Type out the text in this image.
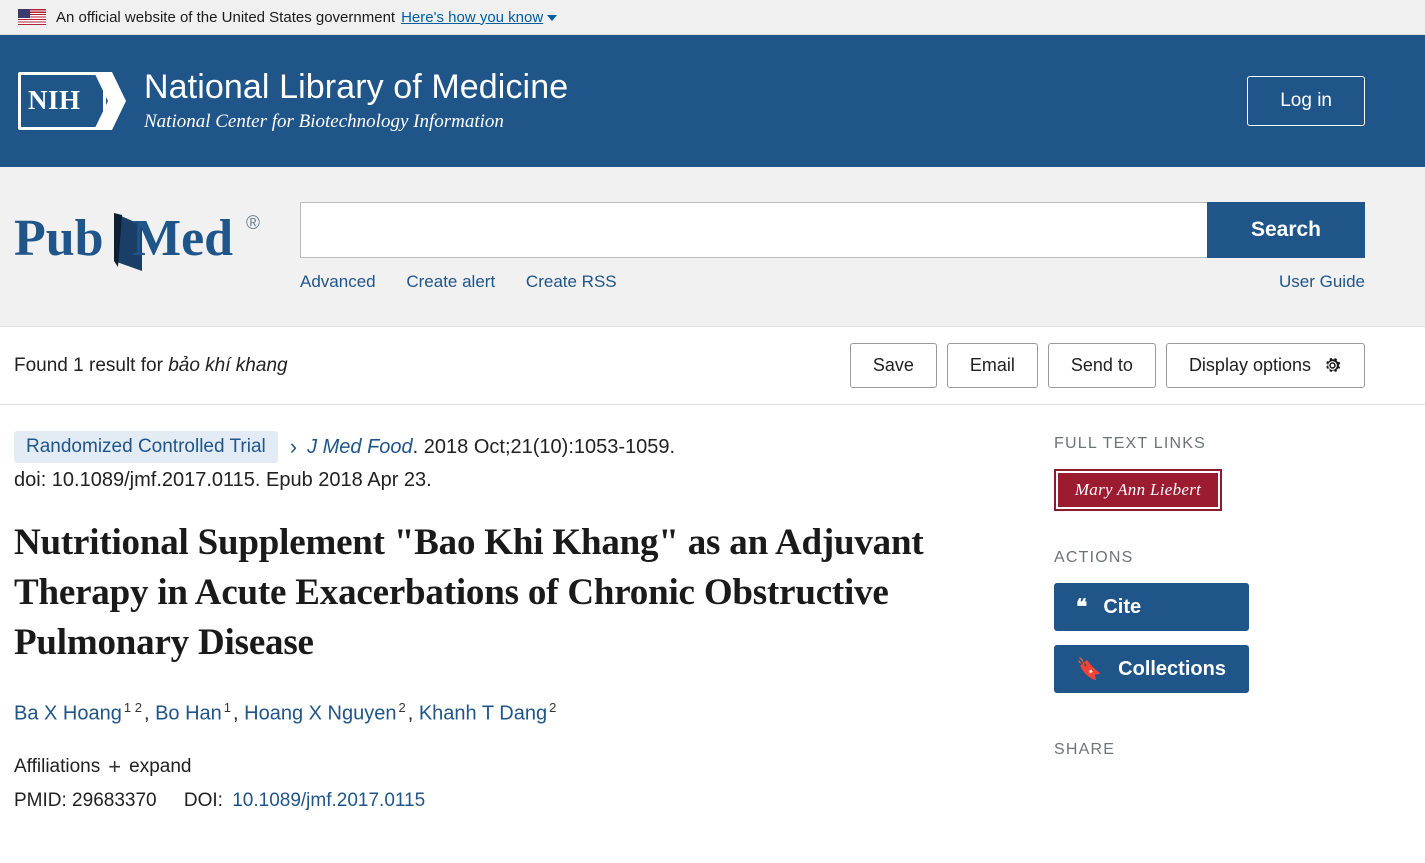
An official website of the United States government Here's how you know
NIH National Library of Medicine
National Center for Biotechnology Information
Log in
Pub Med ®	Search
Advanced Create alert Create RSS	User Guide
Found 1 result for bảo khí khang	Save	Email	Send to	Display options
Randomized Controlled Trial	› J Med Food . 2018 Oct;21(10):1053-1059.
doi: 10.1089/jmf.2017.0115. Epub 2018 Apr 23.
Nutritional Supplement "Bao Khi Khang" as an Adjuvant Therapy in Acute Exacerbations of Chronic Obstructive Pulmonary Disease
Ba X Hoang $^{1 2}$ , Bo Han $^1$ , Hoang X Nguyen $^2$ , Khanh T Dang $^2$
Affiliations + expand
PMID: 29683370 DOI: 10.1089/jmf.2017.0115
FULL TEXT LINKS
Mary Ann Liebert
ACTIONS
❝ Cite
🔖 Collections
SHARE
